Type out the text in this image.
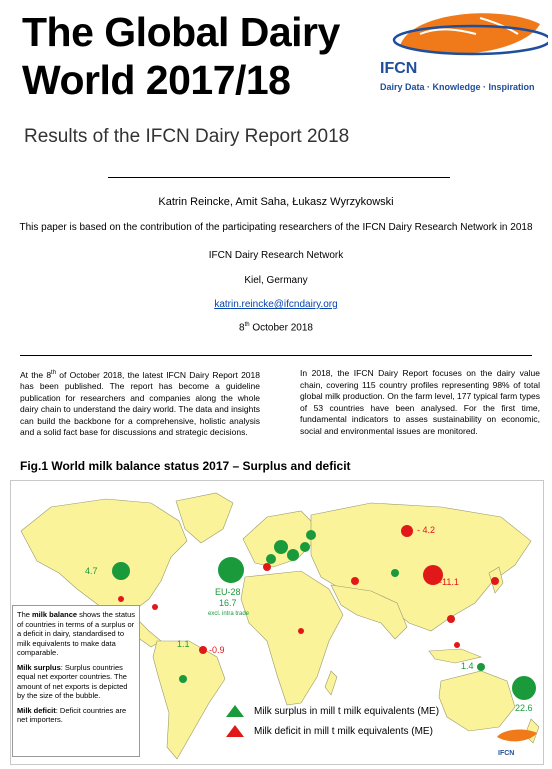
The Global Dairy
World 2017/18	IFCN
Dairy Data · Knowledge · Inspiration
Results of the IFCN Dairy Report 2018
Katrin Reincke, Amit Saha, Łukasz Wyrzykowski
This paper is based on the contribution of the participating researchers of the IFCN Dairy Research Network in 2018
IFCN Dairy Research Network
Kiel, Germany
katrin.reincke@ifcndairy.org
8th October 2018
At the 8th of October 2018, the latest IFCN Dairy Report 2018 has been published. The report has become a guideline publication for researchers and companies along the whole dairy chain to understand the dairy world. The data and insights can build the backbone for a comprehensive, holistic analysis and a solid fact base for discussions and strategic decisions.
In 2018, the IFCN Dairy Report focuses on the dairy value chain, covering 115 country profiles representing 98% of total global milk production. On the farm level, 177 typical farm types of 53 countries have been analysed. For the first time, fundamental indicators to asses sustainability on economic, social and environmental issues are monitored.
Fig.1 World milk balance status 2017 – Surplus and deficit
4.7
EU-28
16.7
excl. intra trade
- 4.2
-11.1
1.1
-0.9
1.4
22.6
IFCN

The milk balance shows the status of countries in terms of a surplus or a deficit in dairy, standardised to milk equivalents to make data comparable.

Milk surplus: Surplus countries equal net exporter countries. The amount of net exports is depicted by the size of the bubble.

Milk deficit: Deficit countries are net importers.

Milk surplus in mill t milk equivalents (ME)
Milk deficit in mill t milk equivalents (ME)
